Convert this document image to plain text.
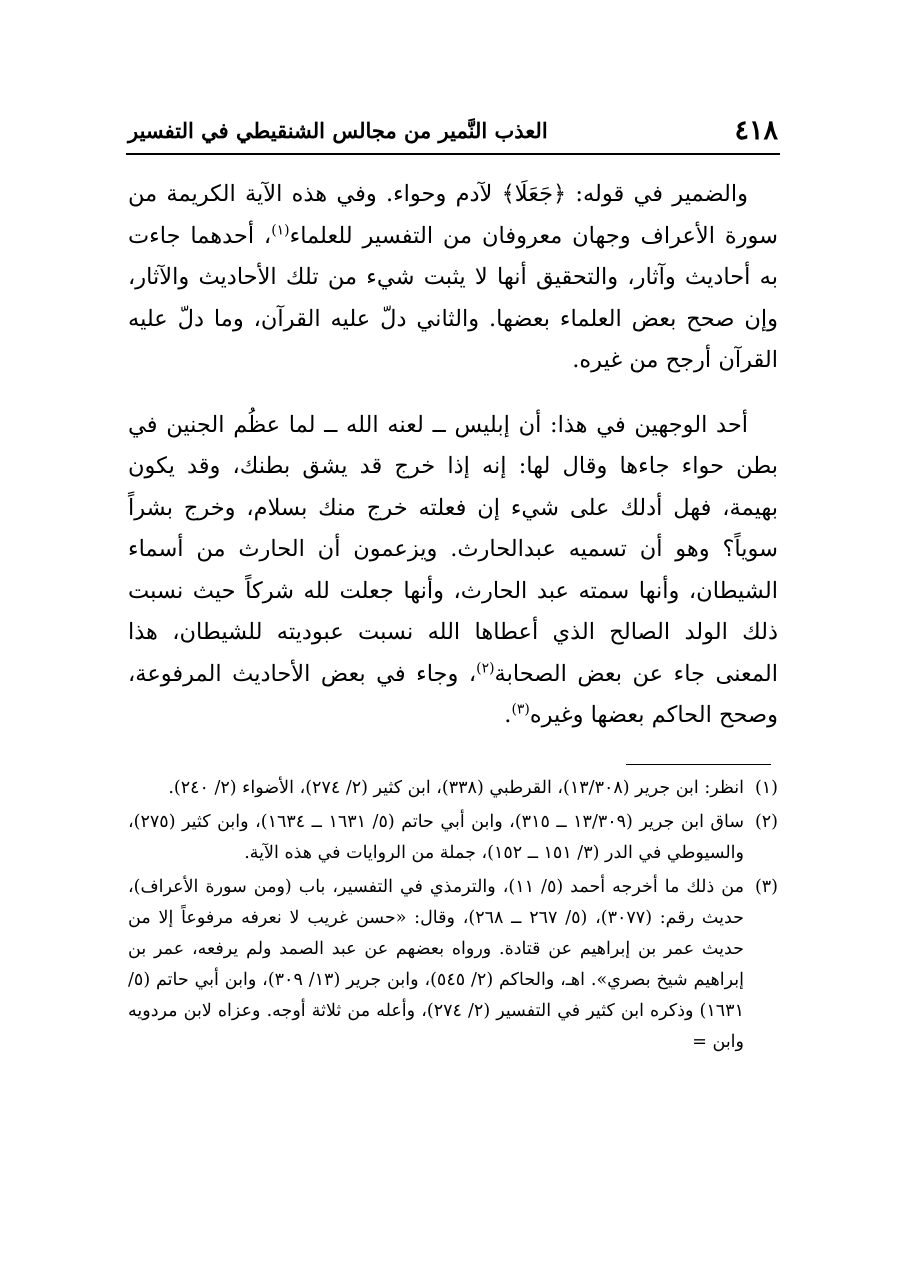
٤١٨
العذب النَّمير من مجالس الشنقيطي في التفسير

والضمير في قوله: ﴿جَعَلَا﴾ لآدم وحواء. وفي هذه الآية الكريمة من سورة الأعراف وجهان معروفان من التفسير للعلماء$^{(١)}$، أحدهما جاءت به أحاديث وآثار، والتحقيق أنها لا يثبت شيء من تلك الأحاديث والآثار، وإن صحح بعض العلماء بعضها. والثاني دلّ عليه القرآن، وما دلّ عليه القرآن أرجح من غيره.

أحد الوجهين في هذا: أن إبليس ــ لعنه الله ــ لما عظُم الجنين في بطن حواء جاءها وقال لها: إنه إذا خرج قد يشق بطنك، وقد يكون بهيمة، فهل أدلك على شيء إن فعلته خرج منك بسلام، وخرج بشراً سوياً؟ وهو أن تسميه عبدالحارث. ويزعمون أن الحارث من أسماء الشيطان، وأنها سمته عبد الحارث، وأنها جعلت لله شركاً حيث نسبت ذلك الولد الصالح الذي أعطاها الله نسبت عبوديته للشيطان، هذا المعنى جاء عن بعض الصحابة$^{(٢)}$، وجاء في بعض الأحاديث المرفوعة، وصحح الحاكم بعضها وغيره$^{(٣)}$.

(١)
انظر: ابن جرير (١٣/٣٠٨)، القرطبي (٣٣٨)، ابن كثير (٢/ ٢٧٤)، الأضواء (٢/ ٢٤٠).
(٢)
ساق ابن جرير (١٣/٣٠٩ ــ ٣١٥)، وابن أبي حاتم (٥/ ١٦٣١ ــ ١٦٣٤)، وابن كثير (٢٧٥)، والسيوطي في الدر (٣/ ١٥١ ــ ١٥٢)، جملة من الروايات في هذه الآية.
(٣)
من ذلك ما أخرجه أحمد (٥/ ١١)، والترمذي في التفسير، باب (ومن سورة الأعراف)، حديث رقم: (٣٠٧٧)، (٥/ ٢٦٧ ــ ٢٦٨)، وقال: «حسن غريب لا نعرفه مرفوعاً إلا من حديث عمر بن إبراهيم عن قتادة. ورواه بعضهم عن عبد الصمد ولم يرفعه، عمر بن إبراهيم شيخ بصري». اهـ، والحاكم (٢/ ٥٤٥)، وابن جرير (١٣/ ٣٠٩)، وابن أبي حاتم (٥/ ١٦٣١) وذكره ابن كثير في التفسير (٢/ ٢٧٤)، وأعله من ثلاثة أوجه. وعزاه لابن مردويه وابن =
